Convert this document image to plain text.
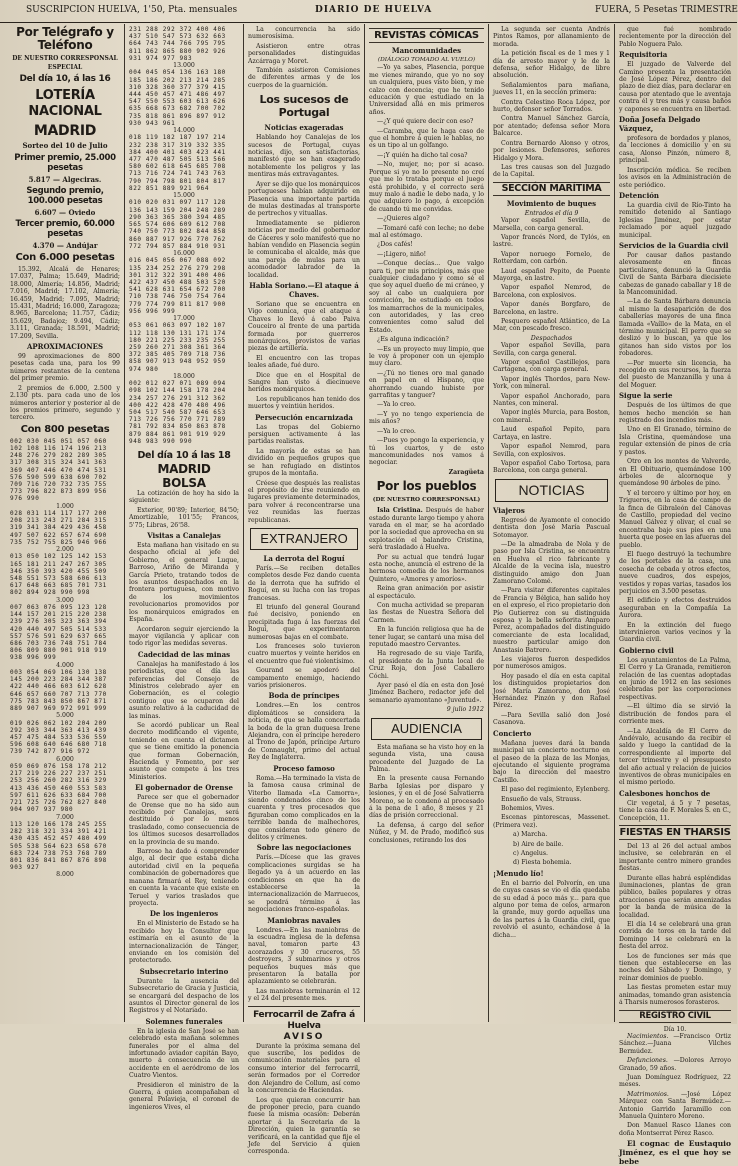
SUSCRIPCION HUELVA, 1'50, Pta. mensuales	DIARIO DE HUELVA	FUERA, 5 Pesetas TRIMESTRE
Por Telégrafo y Teléfono
DE NUESTRO CORRESPONSAL ESPECIAL
Del día 10, á las 16
LOTERÍA NACIONAL
MADRID
Sorteo del 10 de Julio
Primer premio, 25.000 pesetas
5.817 — Algeciras.
Segundo premio, 100.000 pesetas
6.607 — Oviedo
Tercer premio, 60.000 pesetas
4.370 — Andújar
Con 6.000 pesetas

15.392, Alcalá de Henares; 17.037, Palma; 15.649, Madrid; 18.000, Almería; 14.856, Madrid; 7.016, Madrid; 17.102, Almería; 16.459, Madrid; 7.095, Madrid; 15.431, Madrid; 16.000, Zaragoza; 8.965, Barcelona; 11.757, Cádiz; 15.629, Badajoz; 9.494, Cádiz; 3.111, Granada; 18.591, Madrid; 17.209, Sevilla.

APROXIMACIONES

99 aproximaciones de 800 pesetas cada una, para los 99 números restantes de la centena del primer premio.

2 premios de 6.000, 2.500 y 2.130 pts. para cada uno de los números anterior y posterior al de los premios primero, segundo y tercero.

Con 800 pesetas
002 030 045 051 057 060 102 108 116 174 196 213 248 276 279 282 289 305 317 308 315 324 341 363 369 407 446 470 474 531 576 590 599 638 690 702 709 716 720 732 735 755 773 796 822 873 899 956 976 990
1.000
028 031 114 117 177 200 208 213 243 271 284 315 319 341 384 429 436 458 497 507 622 657 674 690 735 752 755 825 946 966
2.000
013 050 102 125 142 153 165 181 211 247 267 305 346 350 393 420 455 509 548 551 573 588 606 613 617 648 663 685 701 731 802 894 928 990 998
3.000
007 063 076 095 123 128 144 157 201 215 220 238 239 276 305 323 363 394 420 440 497 505 514 533 557 576 591 629 637 665 686 703 736 748 751 784 806 809 880 901 918 919 938 996 999
4.000
003 054 069 106 130 138 145 200 223 284 344 387 422 440 466 603 612 628 646 657 660 707 713 770 775 783 843 850 867 871 889 907 969 972 991 999
5.000
019 026 062 102 204 209 292 303 344 363 413 439 457 475 484 533 536 559 596 608 640 646 680 718 739 742 877 916 972
6.000
059 069 076 158 178 212 217 219 226 227 237 251 253 256 260 282 316 329 413 436 450 460 553 583 597 611 626 633 684 700 721 725 726 762 827 840 904 907 937 980
7.000
113 120 166 178 245 255 282 318 321 334 391 421 430 435 452 457 480 499 505 538 564 623 658 670 683 724 738 753 768 789 801 836 841 867 876 898 903 927
8.000
231 288 292 372 400 406 437 510 547 573 632 663 664 743 744 766 795 795 811 862 865 880 902 926 931 974 977 983
13.000
004 045 054 136 163 180 185 186 202 213 214 285 310 328 360 377 379 415 444 450 457 471 486 497 547 550 553 603 613 626 635 668 673 682 700 702 735 818 861 896 897 912 930 943 961
14.000
018 119 182 187 197 214 232 238 317 319 332 335 384 400 401 403 423 441 477 470 487 505 513 566 580 602 618 645 685 708 713 716 724 741 743 763 790 794 798 801 804 817 822 851 889 921 964
15.000
010 020 031 097 117 128 136 143 159 204 248 289 290 363 365 380 394 485 565 574 606 609 612 708 740 750 773 802 844 858 860 887 917 926 770 762 772 794 857 884 910 931
16.000
016 045 056 067 088 092 135 234 252 276 279 298 301 312 322 391 400 406 422 437 450 488 503 520 541 628 631 654 672 700 710 738 746 750 754 764 779 774 799 811 817 900 956 996 999
17.000
053 061 063 097 102 107 112 118 130 131 171 174 180 221 225 233 235 255 259 260 271 308 361 364 372 385 405 709 718 736 858 907 913 948 952 959 974 980
18.000
002 012 027 071 089 094 098 102 144 158 178 204 234 257 276 291 312 362 400 422 428 470 480 496 504 517 540 587 646 653 713 726 756 770 771 789 781 792 834 850 863 878 879 884 861 901 919 929 948 983 990 990
Del día 10 á las 18
MADRID
BOLSA

La cotización de hoy ha sido la siguiente:

Exterior, 90'89; Interior, 84'50; Amortizable, 101'55; Francos, 5'75; Libras, 26'58.

Visitas a Canalejas

Esta mañana han visitado en su despacho oficial al jefe del Gobierno, el general Luque, Barroso, Ariño de Miranda y García Prieto, tratando todos de los asuntos despachados en la frontera portuguesa, con motivo de los movimientos revolucionarios promovidos por los monárquicos emigrados en España.

Acordaron seguir ejerciendo la mayor vigilancia y aplicar con todo rigor las medidas severas.

Cadecidad de las minas

Canalejas ha manifestado á los periodistas, que el día las referencias del Consejo de Ministros celebrado ayer en Gobernación, es el colegio contiguo que se ocuparon del asunto relativo á la caducidad de las minas.

Se acordó publicar un Real decreto modificando el vigente, teniendo en cuenta el dictamen que se tiene emitido la ponencia que forman Gobernación, Hacienda y Fomento, por ser asunto que compete á los tres Ministerios.

El gobernador de Orense

Parece ser que el gobernador de Orense que no ha sido aun recibido por Canalejas, será destituido ó por lo menos trasladado, como consecuencia de los últimos sucesos desarrollados en la provincia de su mando.

Barroso ha dado á comprender algo, al decir que estaba dicha autoridad civil en la pequeña combinación de gobernadores que manana firmará el Rey, teniendo en cuenta la vacante que existe en Teruel y varios traslados que proyecta.

De los ingenieros

En el Ministerio de Estado se ha recibido hoy la Consultor que estimaría en el asunto de la internacionalización de Tánger, enviando en los comisión del protectorado.

Subsecretario interino

Durante la ausencia del Subsecretario de Gracia y Justicia, se encargará del despacho de los asuntos el Director general de los Registros y el Notariado.

Solemnes funerales

En la iglesia de San José se han celebrado esta mañana solemnes funerales por el alma del infortunado aviador capitán Bayo, muerto á consecuencia de un accidente en el aeródromo de los Cuatro Vientos.

Presidieron el ministro de la Guerra, á quien acompañaban el general Polavieja, el coronel de ingenieros Vives, el

La concurrencia ha sido numerosísima.

Asistieron entre otras personalidades distinguidas Azcárraga y Moret.

También asistieron Comisiones de diferentes armas y de los cuerpos de la guarnición.

Los sucesos de Portugal
Noticias exageradas

Hablando hoy Canalejas de los sucesos de Portugal, cuyas noticias, dijo, son satisfactorias, manifestó que se han exagerado notablemente los peligros y las mentiras más extravagantes.

Ayer se dijo que los monárquicos portugueses habían adquirido en Plasencia una importante partida de mulas destinadas al transporte de pertrechos y vituallas.

Inmediatamente se pidieron noticias por medio del gobernador de Cáceres y solo manifestó que no habían vendido en Plasencia según le comunicaba el alcalde, más que una pareja de mulas para un acomodador labrador de la localidad.

Habla Soriano.—El ataque á Chaves.

Soriano que se encuentra en Vigo comunica, que el ataque á Chaves lo llevó á cabo Paiva Couceiro al frente de una partida formada por guerreros monárquicos, provistos de varias piezas de artillería.

El encuentro con las tropas leales añade, fué duro.

Dice que en el Hospital de Sangre han visto á diecinueve heridos monárquicos.

Los republicanos han tenido dos muertos y veintiún heridos.

Persecución encarnizada

Las tropas del Gobierno persiguen activamente á las partidas realistas.

La mayoría de estas se han dividido en pequeños grupos que se han refugiado en distintos grupos de la montaña.

Créese que después las realistas el propósito de irse reuniendo en lugares previamente determinados, para volver á reconcentrarse una vez reunidas las fuerzas republicanas.

EXTRANJERO
La derrota del Roguí

París.—Se reciben detalles completos desde Fez dando cuenta de la derrota que ha sufrido el Roguí, en su lucha con las tropas francesas.

El triunfo del general Gourand fué decisivo, poniendo en precipitada fuga á las fuerzas del Roguí, que experimentaron numerosas bajas en el combate.

Los franceses solo tuvieron cuatro muertos y veinte heridos en el encuentro que fué violentísimo.

Gourand se apoderó del campamento enemigo, haciendo varios prisioneros.

Boda de príncipes

Londres.—En los centros diplomáticos se considera la noticia, de que se halla concertada la boda de la gran duquesa Irene Alejandra, con el príncipe heredero al Trono de Japón, príncipe Arturo de Connaught, primo del actual Rey de Inglaterra.

Proceso famoso

Roma.—Ha terminado la vista de la famosa causa criminal de Viterbo llamada «La Camorra», siendo condenados cinco de los cuarenta y tres procesados que figuraban como complicados en la terrible banda de malhechores, que consideran todo género de delitos y crímenes.

Sobre las negociaciones

París.—Dícese que las graves complicaciones surgidas se ha llegado ya á un acuerdo en las condiciones en que ha de establecerse la internacionalización de Marruecos, se pondrá término á las negociaciones franco-españolas.

Maniobras navales

Londres.—En las maniobras de la escuadra inglesa de la defensa naval, tomaron parte 43 acorazados y 30 cruceros, 55 destroyers, 3 submarinos y otros pequeños buques más que presentaron la batalla por aplazamiento se celebrarán.

Las maniobras terminarán el 12 y el 24 del presente mes.

Ferrocarril de Zafra á Huelva
AVISO

Durante la próxima semana del que suscribe, los pedidos de comunicación materiales para el consumo interior del ferrocarril, serán formados por el Corredor don Alejandro de Collum, así como la concurrencia de Haciendas.

Los que quieran concurrir han de proponer precio, para cuando fuese la misma ocasión: Deberán aportar á la Secretaria de la Dirección, quien la garantía se verificará, en la cantidad que fije el Jefe del Servicio á quien corresponda.

REVISTAS CÓMICAS
Mancomunidades
(DIÁLOGO TOMADO AL VUELO)

—Yo ya sabes, Plasencia, porque me vienes mirando, que yo no soy un cualquiera, pues visto bien, y me calzo con decencia; que he tenido educación y que estudiado en la Universidad allá en mis primeros años.

—¿Y qué quiere decir con eso?

—Caramba, que le haga caso de que el hombre á quien le hablas, no es un tipo al un golfango.

—¡Y quién ha dicho tal cosa?

—No, mujer, no; por si acaso. Porque si yo no lo presente no creí que me lo trataba porque el juego está prohibido, y el correcto será muy malo á nadie le debo nada, y lo que adquiero lo pago, á excepción de cuando tú me convidas.

—¿Quieres algo?

—Tomaré café con leche; no debe mal al estómago.

¿Dos cafés!

—¡Ligero, niño!

—Conque decías... Que valgo para ti, por mis principios, más que cualquier ciudadano y como sé el que soy aquel dueño de mi cráneo, y soy al cabo un cualquiera por convicción, he estudiado en todos los mamarrachos de la municipales, con autoridades, y las creo convenientes como salud del Estado.

¿Es alguna indicación?

—Es un proyecto muy limpio, que le voy á proponer con un ejemplo muy claro.

—¿Tú no tienes oro mal ganado en papel en el Hispano, que ahorrando cuando hubiste por garrafitas y tanguer?

—Ya lo creo.

—Y yo no tengo experiencia de mis años?

—Ya lo creo.

—Pues yo pongo la experiencia, y tú los cuartos, y de esto mancomunidades nos vamos á negociar.

Zaragüeta
Por los pueblos
(DE NUESTRO CORRESPONSAL)

Isla Cristina. Después de haber estado durante largo tiempo y ahora varada en el mar, se ha acordado por la sociedad que aprovecha en su explotación el balandro Cristina, será trasladado á Huelva.

Por su actual que tendrá lugar esta noche, anuncia el estreno de la hermosa comedia de los hermanos Quintero, «Amores y amoríos».

Reina gran animación por asistir al espectáculo.

Con mucha actividad se preparan las fiestas de Nuestra Señora del Carmen.

En la función religiosa que ha de tener lugar, se cantará una misa del reputado maestro Cervantes.

Ha regresado de su viaje Tarifa, el presidente de la Junta local de Cruz Roja, don José Caballero Cóchi.

Ayer pasó el día en esta don José Jiménez Bachero, redactor jefe del semanario ayamontano «Juventud».

9 julio 1912
AUDIENCIA

Esta mañana se ha visto hoy en la segunda vista, una causa procedente del Juzgado de La Palma.

En la presente causa Fernando Barba Iglesias por disparo y lesiones, y en el de José Salvatierra Moreno, se le condenó al procesado á la pena de 1 año, 8 meses y 21 días de prisión correccional.

La defensa, á cargo del señor Núñez, y M. de Prado, modificó sus conclusiones, retirando los dos

La segunda ser cuenta Andrés Pintos Ramos, por allanamiento de morada.

La petición fiscal es de 1 mes y 1 día de arresto mayor y le de la defensa, señor Hidalgo, de libre absolución.

Señalamientos para mañana, jueves 11, en la sección primera:

Contra Celestino Roca López, por hurto, defensor señor Torrados.

Contra Manuel Sánchez García, por atentado; defensa señor Mora Balcarce.

Contra Bernardo Alonso y otros, por lesiones. Defensores, señores Hidalgo y Mora.

Las tres causas son del Juzgado de la Capital.

SECCIÓN MARÍTIMA
Movimiento de buques
Entrados el día 9

Vapor español Sevilla, de Marsella, con carga general.

Vapor francés Nord, de Tylós, en lastre.

Vapor noruego Fornelo, de Rotterdam, con carbón.

Laud español Pepito, de Puente Mayorga, en lastre.

Vapor español Nemrod, de Barcelona, con explosivos.

Vapor danés Borgfaro, de Barcelona, en lastre.

Pesquero español Atlántico, de La Mar, con pescado fresco.

Despachados

Vapor español Sevilla, para Sevilla, con carga general.

Vapor español Castillejos, para Cartagena, con carga general.

Vapor inglés Thordos, para New-York, con mineral.

Vapor español Anchorado, para Nantes, con mineral.

Vapor inglés Murcia, para Boston, con mineral.

Laud español Pepito, para Cartaya, en lastre.

Vapor español Nemrod, para Sevilla, con explosivos.

Vapor español Cabo Tortosa, para Barcelona, con carga general.

NOTICIAS
Viajeros

Regresó de Ayamonte el conocido dentista don José María Pascual Sotomayor.

—De la almadraba de Nola y de paso por Isla Cristina, se encuentra en Huelva el rico fabricante y Alcalde de la vecina isla, nuestro distinguido amigo don Juan Zamorano Colomé.

—Para visitar diferentes capitales de Francia y Bélgica, han salido hoy en el expreso, el rico propietario don Pío Gutierrez con su distinguida esposa y la bella señorita Amparo Perez, acompañados del distinguido comerciante de esta localidad, nuestro particular amigo don Anastasio Batrero.

Les viajeros fueron despedidos por numerosos amigos.

Hoy pasado el día en esta capital los distinguidos propietarios don José María Zamorano, don José Hernández Pinzón y don Rafael Pérez.

—Para Sevilla salió don José Casanova.

Concierto

Mañana jueves dará la banda municipal un concierto nocturno en el paseo de la plaza de las Monjas, ejecutando el siguiente programa bajo la dirección del maestro Castillo.

El paso del regimiento, Eylenberg.

Ensueño de vals, Strauss.

Bohemios, Vives.

Escenas pintorescas, Massenet. (Primera vez).

a) Marcha.

b) Aire de baile.

c) Angelus.

d) Fiesta bohemia.

¡Menudo lío!

En el barrio del Polvorín, en una de cuyas casas se vio el día quedaba de su edad á poco más y... para que alguno por tema de celos, armaron la grande, muy gordo aquellas una de las partes á la Guardia civil, que revolvió el asunto, echándose á la dicha...

que fué nombrado recientemente por la dirección del Pablo Noguera Palo.

Requisitoria

El juzgado de Valverde del Camino presenta la presentación de José López Pérez, dentro del plazo de diez días, para declarar en causa por atentado que le aventaja contra él y tres más y causa baños y capones se encuentra en libertad.

Doña Josefa Delgado Vázquez,

profesora de bordados y planos, da lecciones á domicilio y en su casa, Alonso Pinzón, número 8, principal.

Inscripción médica. Se reciben los avisos en la Administración de este periódico.

Detención

La guardia civil de Río-Tinto ha remitido detenido al Santiago Iglesias Jiménez, por estar reclamado por aquel juzgado municipal.

Servicios de la Guardia civil

Por causar daños pastando alevosamente en fincas particulares, denunció la Guardia Civil de Santa Bárbara diecisiete cabezas de ganado caballar y 18 de la Mancomunidad.

—La de Santa Bárbara denuncia al mismo la desaparición de dos caballerías mayores de una finca llamada «Vaíllo» de la Mata, en el término municipal. El perro que se deslizó y lo buscan, ya que los gitanos han sido vistos por los robadores.

—Por muerte sin licencia, ha recogido en sus recursos, la fuerza del puesto de Manzanilla y una á del Moguer.

Sigue la serie

Después de los últimos de que hemos hecho mención se han registrado dos incendios más.

Uno en El Granado, término de Isla Cristina, quemándose una regular extensión de pinos de cría y pastos.

Otro en los montes de Valverde, en El Obituario, quemándose 100 árboles de alcornoque y quemándose 90 árboles de pino.

Y el tercero y último por hoy, en Trigueros, en la casa de campo de la finca de Gibraleón del Cánovas de Castillo, propiedad del vecino Manuel Gálvez y olivar, el cual se encontraba bajo sus pies en una huerta que posee en las afueras del pueblo.

El fuego destruyó la techumbre de los portales de la casa, una cosecha de cebada y otros efectos, nueve cuadros, dos espejos, vestidos y ropas varias, tasados los perjuicios en 3.500 pesetas.

El edificio y efectos destruidos aseguraban en la Compañía La Aurora.

En la extinción del fuego intervinieron varios vecinos y la Guardia civil.

Gobierno civil

Los ayuntamientos de La Palma, El Cerro y La Granada, remitieron relación de las cuentas adoptadas en junio de 1912 en las sesiones celebradas por las corporaciones respectivas.

—El último día se sirvió la distribución de fondos para el corriente mes.

—La Alcaldía de El Cerro de Andévalo, acusando da recibir el saldo y luego la cantidad de la correspondiente al importe del tercer trimestre y el presupuesto del año actual y relación de juicios inventivos de obras municipales en el mismo periodo.

Calesbones honchos de

Cir vegetal, á 5 y 7 pesetas, tiene la casa de F. Morales S. en C., Concepción, 11.

FIESTAS EN THARSIS

Del 13 al 26 del actual ambos inclusive, se celebrarán en el importante centro minero grandes fiestas.

Durante ellas habrá espléndidas iluminaciones, plantas de gran público, bailes populares y otras atracciones que serán amenizadas por la banda de música de la localidad.

El día 14 se celebrará una gran corrida de toros en la tarde del Domingo 14 se celebrará en la fiesta del arroz.

Los de funciones ser más que tienen que establecerse en las noches del Sábado y Domingo, y reinar dominios de pueblo.

Las fiestas prometen estar muy animadas, tomando gran asistencia á Tharsis numerosos forasteros.

REGISTRO CIVIL
Día 10.

Nacimientos. —Francisco Ortiz Sánchez.—Juana Vilches Bermúdez.

Defunciones. —Dolores Arroyo Granado, 59 años.

Juan Domínguez Rodríguez, 22 meses.

Matrimonios. —José López Márquez con Santa Bermúdez.—Antonio Garrido Jaramillo con Manuela Quintero Moreno.

Don Manuel Rasco Llanes con doña Montserrat Pérez Rasco.

El cognac de Eustaquio Jiménez, es el que hoy se bebe
